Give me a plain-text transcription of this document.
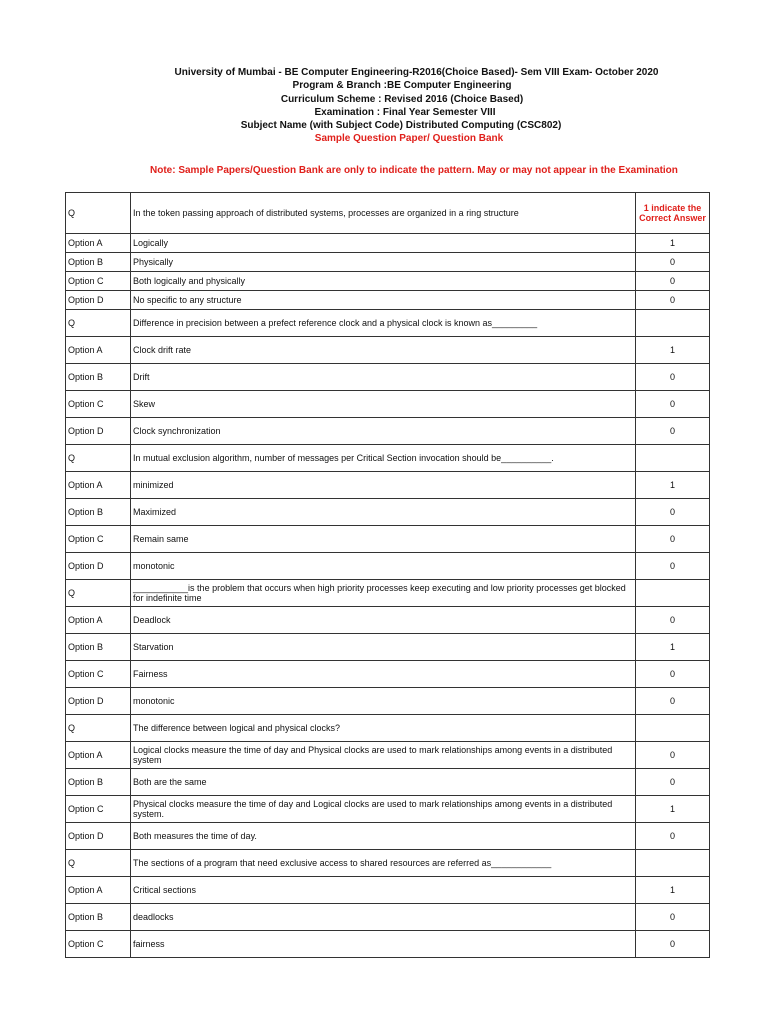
University of Mumbai - BE Computer Engineering-R2016(Choice Based)- Sem VIII Exam- October 2020
Program & Branch :BE Computer Engineering
Curriculum Scheme : Revised 2016 (Choice Based)
Examination : Final Year Semester VIII
Subject Name (with Subject Code) Distributed Computing (CSC802)
Sample Question Paper/ Question Bank
Note: Sample Papers/Question Bank are only to indicate the pattern. May or may not appear in the Examination
Q	In the token passing approach of distributed systems, processes are organized in a ring structure	1 indicate the Correct Answer
Option A	Logically	1
Option B	Physically	0
Option C	Both logically and physically	0
Option D	No specific to any structure	0
Q	Difference in precision between a prefect reference clock and a physical clock is known as_________	
Option A	Clock drift rate	1
Option B	Drift	0
Option C	Skew	0
Option D	Clock synchronization	0
Q	In mutual exclusion algorithm, number of messages per Critical Section invocation should be__________.	
Option A	minimized	1
Option B	Maximized	0
Option C	Remain same	0
Option D	monotonic	0
Q	___________is the problem that occurs when high priority processes keep executing and low priority processes get blocked for indefinite time	
Option A	Deadlock	0
Option B	Starvation	1
Option C	Fairness	0
Option D	monotonic	0
Q	The difference between logical and physical clocks?	
Option A	Logical clocks measure the time of day and Physical clocks are used to mark relationships among events in a distributed system	0
Option B	Both are the same	0
Option C	Physical clocks measure the time of day and Logical clocks are used to mark relationships among events in a distributed system.	1
Option D	Both measures the time of day.	0
Q	The sections of a program that need exclusive access to shared resources are referred as____________	
Option A	Critical sections	1
Option B	deadlocks	0
Option C	fairness	0
